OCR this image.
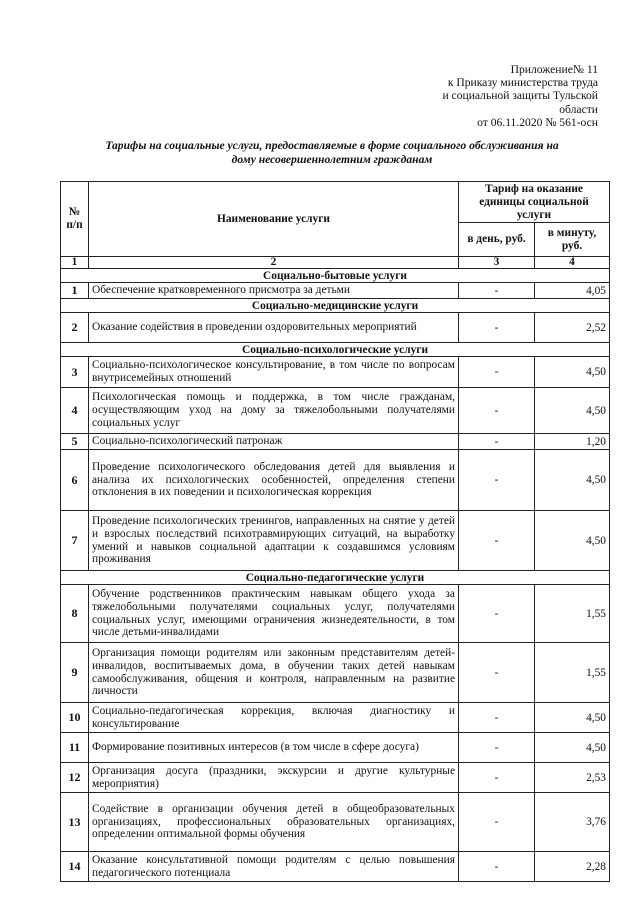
Приложение№ 11
к Приказу министерства труда
и социальной защиты Тульской
области
от 06.11.2020 № 561-осн
Тарифы на социальные услуги, предоставляемые в форме социального обслуживания на
дому несовершеннолетним гражданам
№ п/п	Наименование услуги	Тариф на оказание единицы социальной услуги	
		в день, руб.	в минуту, руб.
1	2	3	4
Социально-бытовые услуги			
1	Обеспечение кратковременного присмотра за детьми	-	4,05
Социально-медицинские услуги			
2	Оказание содействия в проведении оздоровительных мероприятий	-	2,52
Социально-психологические услуги			
3	Социально-психологическое консультирование, в том числе по вопросам внутрисемейных отношений	-	4,50
4	Психологическая помощь и поддержка, в том числе гражданам, осуществляющим уход на дому за тяжелобольными получателями социальных услуг	-	4,50
5	Социально-психологический патронаж	-	1,20
6	Проведение психологического обследования детей для выявления и анализа их психологических особенностей, определения степени отклонения в их поведении и психологическая коррекция	-	4,50
7	Проведение психологических тренингов, направленных на снятие у детей и взрослых последствий психотравмирующих ситуаций, на выработку умений и навыков социальной адаптации к создавшимся условиям проживания	-	4,50
Социально-педагогические услуги			
8	Обучение родственников практическим навыкам общего ухода за тяжелобольными получателями социальных услуг, получателями социальных услуг, имеющими ограничения жизнедеятельности, в том числе детьми-инвалидами	-	1,55
9	Организация помощи родителям или законным представителям детей-инвалидов, воспитываемых дома, в обучении таких детей навыкам самообслуживания, общения и контроля, направленным на развитие личности	-	1,55
10	Социально-педагогическая коррекция, включая диагностику и консультирование	-	4,50
11	Формирование позитивных интересов (в том числе в сфере досуга)	-	4,50
12	Организация досуга (праздники, экскурсии и другие культурные мероприятия)	-	2,53
13	Содействие в организации обучения детей в общеобразовательных организациях, профессиональных образовательных организациях, определении оптимальной формы обучения	-	3,76
14	Оказание консультативной помощи родителям с целью повышения педагогического потенциала	-	2,28
